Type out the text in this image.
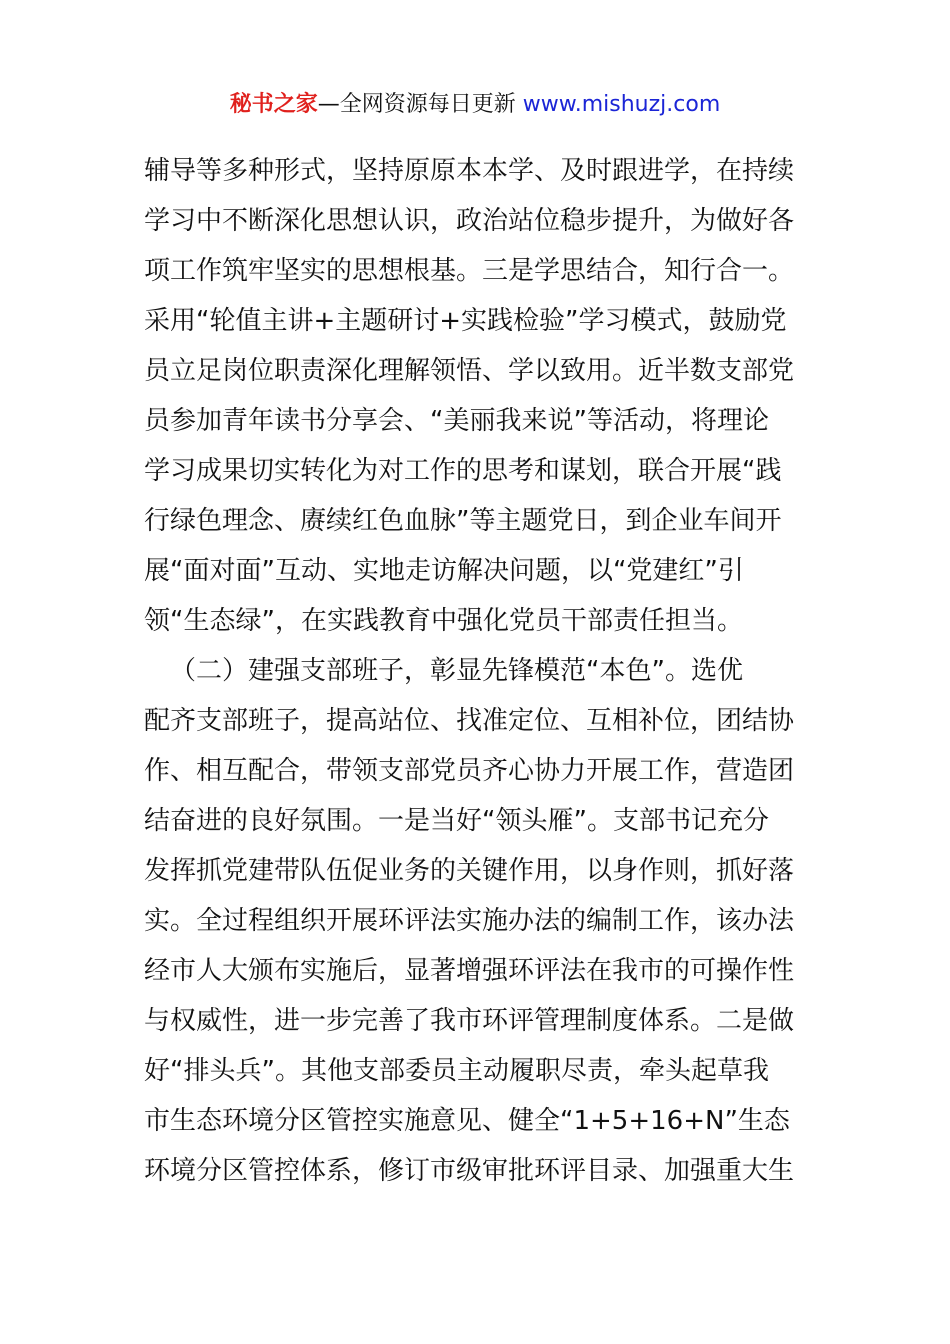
秘书之家—全网资源每日更新 www.mishuzj.com
辅导等多种形式，坚持原原本本学、及时跟进学，在持续
学习中不断深化思想认识，政治站位稳步提升，为做好各
项工作筑牢坚实的思想根基。三是学思结合，知行合一。
采用“轮值主讲+主题研讨+实践检验”学习模式，鼓励党
员立足岗位职责深化理解领悟、学以致用。近半数支部党
员参加青年读书分享会、“美丽我来说”等活动，将理论
学习成果切实转化为对工作的思考和谋划，联合开展“践
行绿色理念、赓续红色血脉”等主题党日，到企业车间开
展“面对面”互动、实地走访解决问题，以“党建红”引
领“生态绿”，在实践教育中强化党员干部责任担当。
（二）建强支部班子，彰显先锋模范“本色”。选优
配齐支部班子，提高站位、找准定位、互相补位，团结协
作、相互配合，带领支部党员齐心协力开展工作，营造团
结奋进的良好氛围。一是当好“领头雁”。支部书记充分
发挥抓党建带队伍促业务的关键作用，以身作则，抓好落
实。全过程组织开展环评法实施办法的编制工作，该办法
经市人大颁布实施后，显著增强环评法在我市的可操作性
与权威性，进一步完善了我市环评管理制度体系。二是做
好“排头兵”。其他支部委员主动履职尽责，牵头起草我
市生态环境分区管控实施意见、健全“1+5+16+N”生态
环境分区管控体系，修订市级审批环评目录、加强重大生
